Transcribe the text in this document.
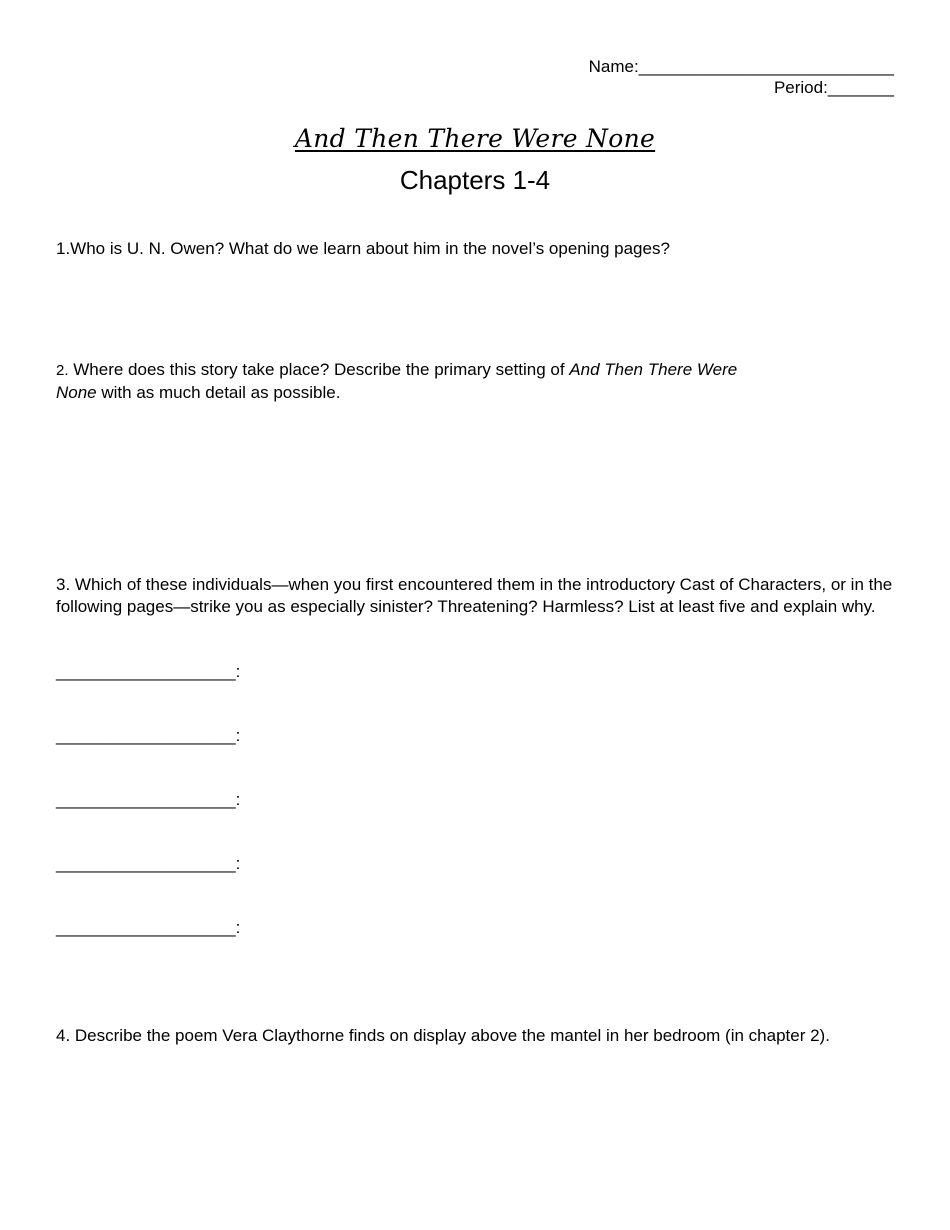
Name:___________________________
Period:_______
And Then There Were None
Chapters 1-4
1.Who is U. N. Owen? What do we learn about him in the novel’s opening pages?
2. Where does this story take place? Describe the primary setting of And Then There Were None with as much detail as possible.
3. Which of these individuals—when you first encountered them in the introductory Cast of Characters, or in the following pages—strike you as especially sinister? Threatening? Harmless? List at least five and explain why.
___________________:
___________________:
___________________:
___________________:
___________________:
4. Describe the poem Vera Claythorne finds on display above the mantel in her bedroom (in chapter 2).
